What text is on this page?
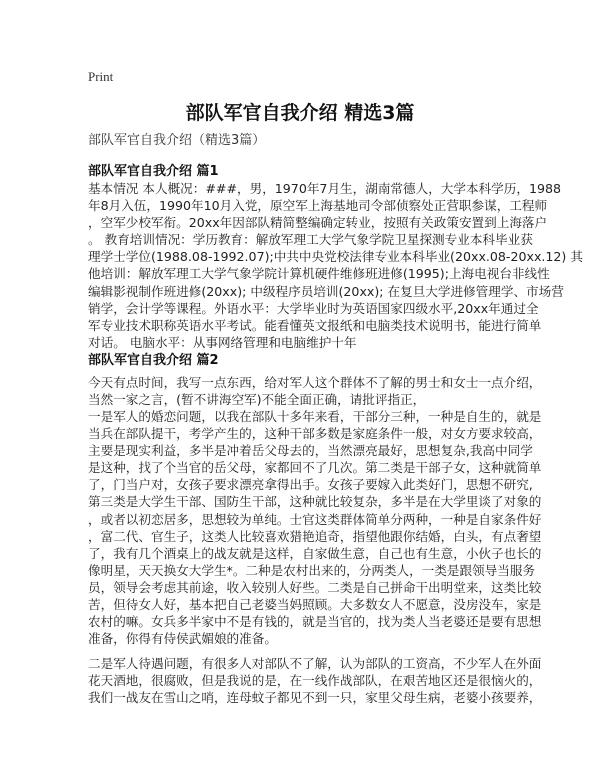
Print
部队军官自我介绍 精选3篇
部队军官自我介绍（精选3篇）
部队军官自我介绍 篇1
基本情况 本人概况：###，男，1970年7月生，湖南常德人，大学本科学历，1988
年8月入伍，1990年10月入党，原空军上海基地司令部侦察处正营职参谋，工程师
，空军少校军衔。20xx年因部队精简整编确定转业，按照有关政策安置到上海落户
。 教育培训情况：学历教育：解放军理工大学气象学院卫星探测专业本科毕业获
理学士学位(1988.08-1992.07);中共中央党校法律专业本科毕业(20xx.08-20xx.12) 其
他培训：解放军理工大学气象学院计算机硬件维修班进修(1995);上海电视台非线性
编辑影视制作班进修(20xx); 中级程序员培训(20xx); 在复旦大学进修管理学、市场营
销学，会计学等课程。外语水平：大学毕业时为英语国家四级水平,20xx年通过全
军专业技术职称英语水平考试。能看懂英文报纸和电脑类技术说明书，能进行简单
对话。 电脑水平：从事网络管理和电脑维护十年
部队军官自我介绍 篇2
今天有点时间，我写一点东西，给对军人这个群体不了解的男士和女士一点介绍，
当然一家之言，(暂不讲海空军)不能全面正确，请批评指正，
一是军人的婚恋问题，以我在部队十多年来看，干部分三种，一种是自生的，就是
当兵在部队提干，考学产生的，这种干部多数是家庭条件一般，对女方要求较高，
主要是现实利益，多半是冲着岳父母去的，当然漂亮最好，思想复杂,我高中同学
是这种，找了个当官的岳父母，家都回不了几次。第二类是干部子女，这种就简单
了，门当户对，女孩子要求漂亮拿得出手。女孩子要嫁入此类好门，思想不研究,
第三类是大学生干部、国防生干部，这种就比较复杂，多半是在大学里谈了对象的
，或者以初恋居多，思想较为单纯。士官这类群体简单分两种，一种是自家条件好
，富二代、官生子，这类人比较喜欢猎艳追奇，指望他跟你结婚，白头，有点奢望
了，我有几个酒桌上的战友就是这样，自家做生意，自己也有生意，小伙子也长的
像明星，天天换女大学生*。二种是农村出来的，分两类人，一类是跟领导当服务
员，领导会考虑其前途，收入较别人好些。二类是自己拼命干出明堂来，这类比较
苦，但待女人好，基本把自己老婆当妈照顾。大多数女人不愿意，没房没车，家是
农村的嘛。女兵多半家中不是有钱的，就是当官的，找为类人当老婆还是要有思想
准备，你得有侍侯武媚娘的准备。
二是军人待遇问题，有很多人对部队不了解，认为部队的工资高，不少军人在外面
花天酒地，很腐败，但是我说的是，在一线作战部队，在艰苦地区还是很恼火的，
我们一战友在雪山之哨，连母蚊子都见不到一只，家里父母生病，老婆小孩要养，
